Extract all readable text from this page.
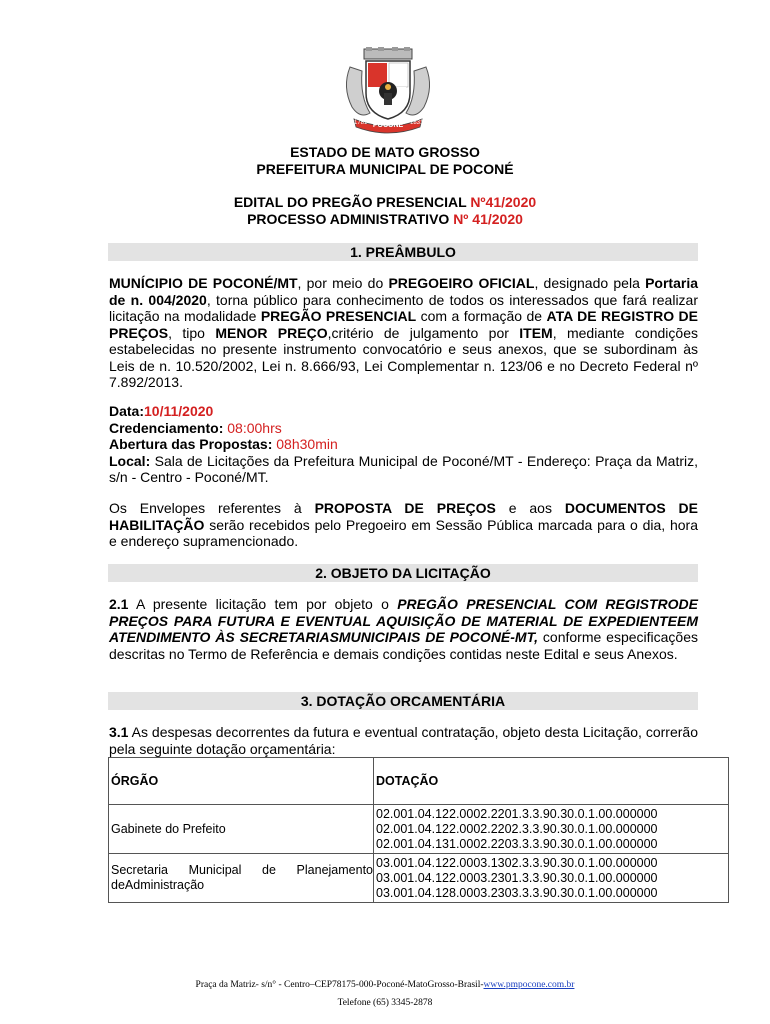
POCONÉ
1781	1831
ESTADO DE MATO GROSSO
PREFEITURA MUNICIPAL DE POCONÉ
EDITAL DO PREGÃO PRESENCIAL Nº41/2020
PROCESSO ADMINISTRATIVO Nº 41/2020
1. PREÂMBULO
MUNÍCIPIO DE POCONÉ/MT, por meio do PREGOEIRO OFICIAL, designado pela Portaria de n. 004/2020, torna público para conhecimento de todos os interessados que fará realizar licitação na modalidade PREGÃO PRESENCIAL com a formação de ATA DE REGISTRO DE PREÇOS, tipo MENOR PREÇO,critério de julgamento por ITEM, mediante condições estabelecidas no presente instrumento convocatório e seus anexos, que se subordinam às Leis de n. 10.520/2002, Lei n. 8.666/93, Lei Complementar n. 123/06 e no Decreto Federal nº 7.892/2013.
Data:10/11/2020
Credenciamento: 08:00hrs
Abertura das Propostas: 08h30min
Local: Sala de Licitações da Prefeitura Municipal de Poconé/MT - Endereço: Praça da Matriz, s/n - Centro - Poconé/MT.
Os Envelopes referentes à PROPOSTA DE PREÇOS e aos DOCUMENTOS DE HABILITAÇÃO serão recebidos pelo Pregoeiro em Sessão Pública marcada para o dia, hora e endereço supramencionado.
2. OBJETO DA LICITAÇÃO
2.1 A presente licitação tem por objeto o PREGÃO PRESENCIAL COM REGISTRODE PREÇOS PARA FUTURA E EVENTUAL AQUISIÇÃO DE MATERIAL DE EXPEDIENTEEM ATENDIMENTO ÀS SECRETARIASMUNICIPAIS DE POCONÉ-MT, conforme especificações descritas no Termo de Referência e demais condições contidas neste Edital e seus Anexos.
3. DOTAÇÃO ORCAMENTÁRIA
3.1 As despesas decorrentes da futura e eventual contratação, objeto desta Licitação, correrão pela seguinte dotação orçamentária:
ÓRGÃO	DOTAÇÃO
Gabinete do Prefeito	02.001.04.122.0002.2201.3.3.90.30.0.1.00.000000
02.001.04.122.0002.2202.3.3.90.30.0.1.00.000000
02.001.04.131.0002.2203.3.3.90.30.0.1.00.000000

Secretaria Municipal de Planejamento deAdministração	03.001.04.122.0003.1302.3.3.90.30.0.1.00.000000
03.001.04.122.0003.2301.3.3.90.30.0.1.00.000000
03.001.04.128.0003.2303.3.3.90.30.0.1.00.000000
Praça da Matriz- s/n° - Centro–CEP78175-000-Poconé-MatoGrosso-Brasil-www.pmpocone.com.br
Telefone (65) 3345-2878
